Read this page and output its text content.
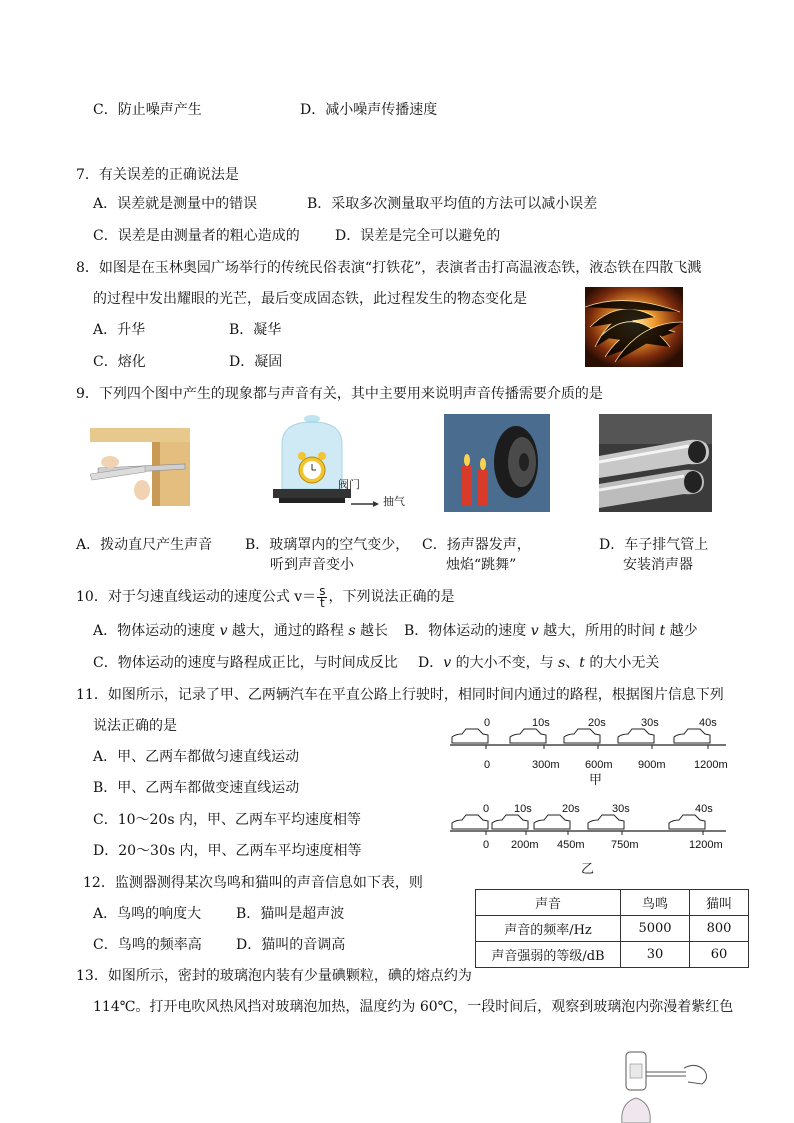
C．防止噪声产生	D．减小噪声传播速度
7．有关误差的正确说法是
A．误差就是测量中的错误	B．采取多次测量取平均值的方法可以减小误差
C．误差是由测量者的粗心造成的	D．误差是完全可以避免的
8．如图是在玉林奥园广场举行的传统民俗表演“打铁花”，表演者击打高温液态铁，液态铁在四散飞溅
的过程中发出耀眼的光芒，最后变成固态铁，此过程发生的物态变化是
A．升华	B．凝华
C．熔化	D．凝固
9．下列四个图中产生的现象都与声音有关，其中主要用来说明声音传播需要介质的是
阀门
抽气
A．拨动直尺产生声音 B．玻璃罩内的空气变少，
听到声音变小
C．扬声器发声，
烛焰“跳舞”
D．车子排气管上
安装消声器
10．对于匀速直线运动的速度公式 $v= \frac{s}{t}$ ，下列说法正确的是
A．物体运动的速度 v 越大，通过的路程 s 越长 B．物体运动的速度 v 越大，所用的时间 t 越少
C．物体运动的速度与路程成正比，与时间成反比 D．v 的大小不变，与 s、t 的大小无关
11．如图所示，记录了甲、乙两辆汽车在平直公路上行驶时，相同时间内通过的路程，根据图片信息下列
说法正确的是
A．甲、乙两车都做匀速直线运动
B．甲、乙两车都做变速直线运动
C．10～20s 内，甲、乙两车平均速度相等
D．20～30s 内，甲、乙两车平均速度相等
0	10s	20s	30s	40s
0	300m 600m 900m	1200m
甲
0 10s	20s	30s	40s
0 200m 450m 750m	1200m
乙
12．监测器测得某次鸟鸣和猫叫的声音信息如下表，则
A．鸟鸣的响度大 B．猫叫是超声波
C．鸟鸣的频率高 D．猫叫的音调高
声音	鸟鸣	猫叫
声音的频率/Hz	5000	800
声音强弱的等级/dB	30	60
13．如图所示，密封的玻璃泡内装有少量碘颗粒，碘的熔点约为
114℃。打开电吹风热风挡对玻璃泡加热，温度约为 60℃，一段时间后，观察到玻璃泡内弥漫着紫红色
